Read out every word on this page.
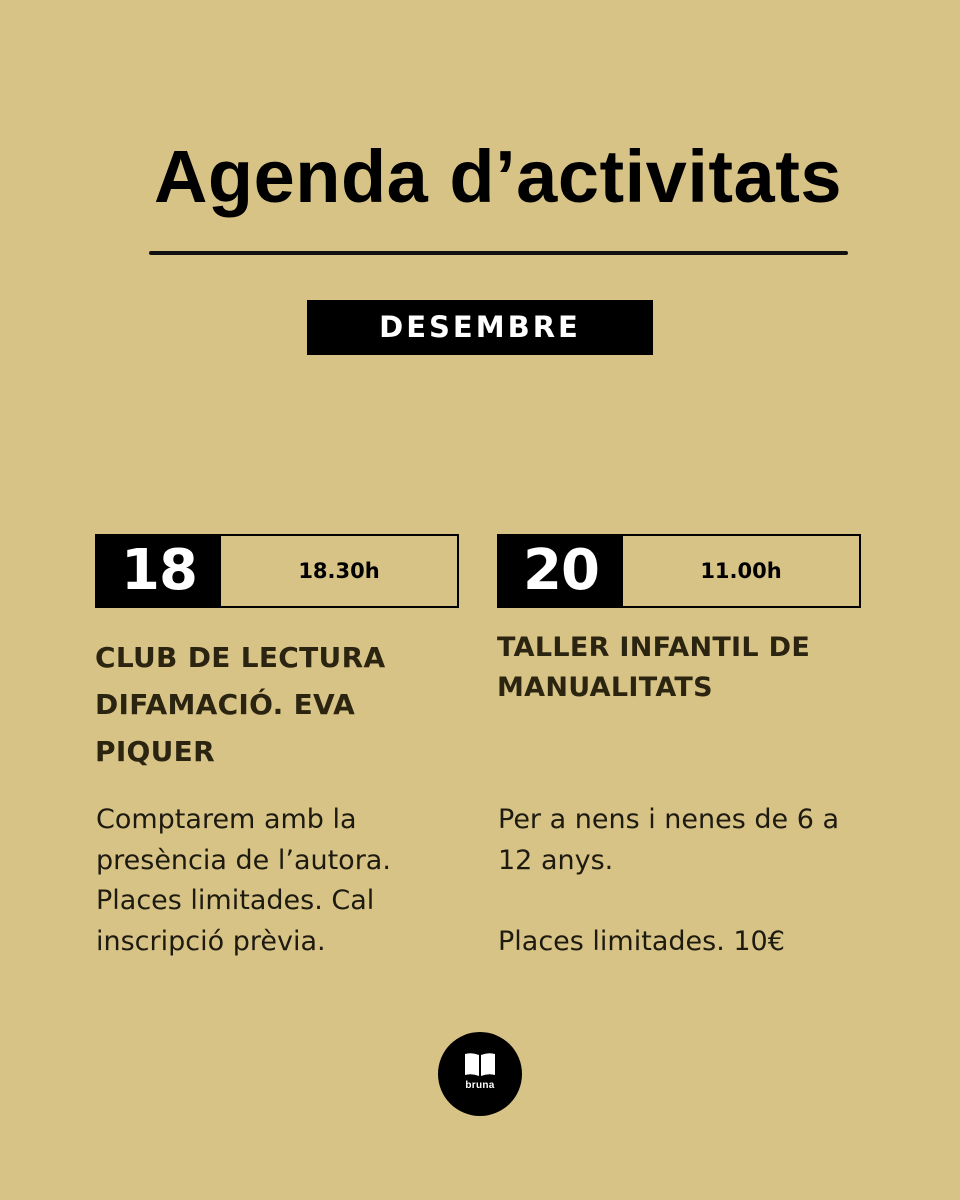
Agenda d’activitats
DESEMBRE
18	18.30h
CLUB DE LECTURA DIFAMACIÓ. EVA PIQUER
20	11.00h
TALLER INFANTIL DE MANUALITATS

Comptarem amb la presència de l’autora. Places limitades. Cal inscripció prèvia.

Per a nens i nenes de 6 a 12 anys.

Places limitades. 10€

bruna
